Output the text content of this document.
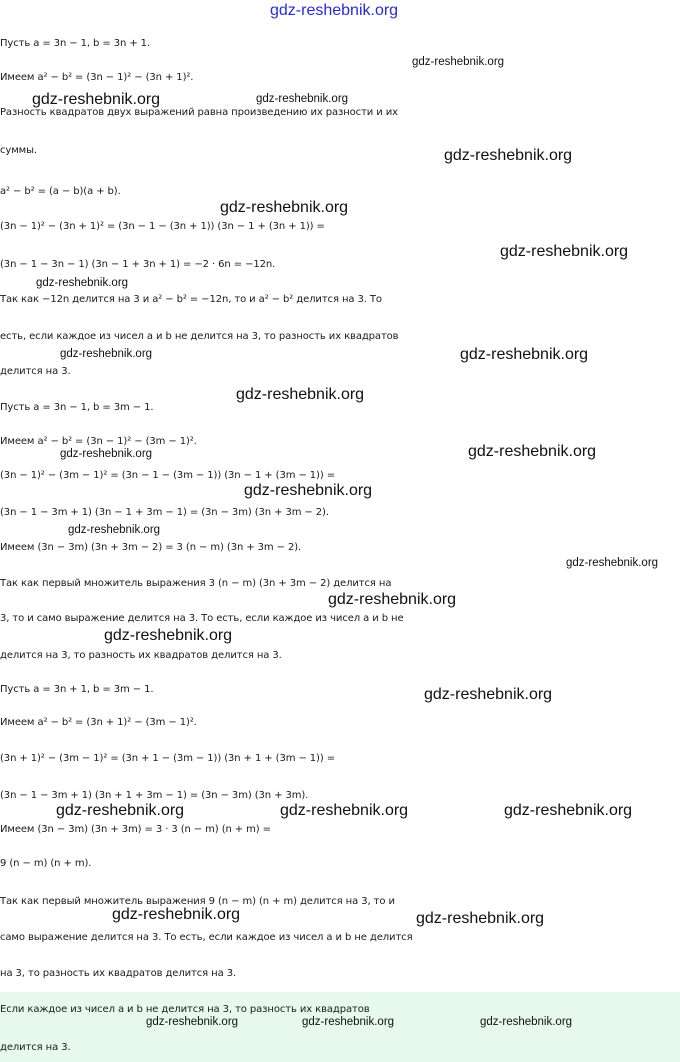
gdz-reshebnik.org
Пусть a = 3n − 1, b = 3n + 1.
Имеем a² − b² = (3n − 1)² − (3n + 1)².
Разность квадратов двух выражений равна произведению их разности и их
суммы.
a² − b² = (a − b)(a + b).
(3n − 1)² − (3n + 1)² = (3n − 1 − (3n + 1)) (3n − 1 + (3n + 1)) =
(3n − 1 − 3n − 1) (3n − 1 + 3n + 1) = −2 · 6n = −12n.
Так как −12n делится на 3 и a² − b² = −12n, то и a² − b² делится на 3. То
есть, если каждое из чисел a и b не делится на 3, то разность их квадратов
делится на 3.
Пусть a = 3n − 1, b = 3m − 1.
Имеем a² − b² = (3n − 1)² − (3m − 1)².
(3n − 1)² − (3m − 1)² = (3n − 1 − (3m − 1)) (3n − 1 + (3m − 1)) =
(3n − 1 − 3m + 1) (3n − 1 + 3m − 1) = (3n − 3m) (3n + 3m − 2).
Имеем (3n − 3m) (3n + 3m − 2) = 3 (n − m) (3n + 3m − 2).
Так как первый множитель выражения 3 (n − m) (3n + 3m − 2) делится на
3, то и само выражение делится на 3. То есть, если каждое из чисел a и b не
делится на 3, то разность их квадратов делится на 3.
Пусть a = 3n + 1, b = 3m − 1.
Имеем a² − b² = (3n + 1)² − (3m − 1)².
(3n + 1)² − (3m − 1)² = (3n + 1 − (3m − 1)) (3n + 1 + (3m − 1)) =
(3n − 1 − 3m + 1) (3n + 1 + 3m − 1) = (3n − 3m) (3n + 3m).
Имеем (3n − 3m) (3n + 3m) = 3 · 3 (n − m) (n + m) =
9 (n − m) (n + m).
Так как первый множитель выражения 9 (n − m) (n + m) делится на 3, то и
само выражение делится на 3. То есть, если каждое из чисел a и b не делится
на 3, то разность их квадратов делится на 3.
Если каждое из чисел a и b не делится на 3, то разность их квадратов
делится на 3.
gdz-reshebnik.org
gdz-reshebnik.org	gdz-reshebnik.org
gdz-reshebnik.org
gdz-reshebnik.org
gdz-reshebnik.org
gdz-reshebnik.org
gdz-reshebnik.org	gdz-reshebnik.org
gdz-reshebnik.org
gdz-reshebnik.org	gdz-reshebnik.org
gdz-reshebnik.org
gdz-reshebnik.org
gdz-reshebnik.org
gdz-reshebnik.org
gdz-reshebnik.org
gdz-reshebnik.org
gdz-reshebnik.org	gdz-reshebnik.org	gdz-reshebnik.org
gdz-reshebnik.org	gdz-reshebnik.org
gdz-reshebnik.org	gdz-reshebnik.org	gdz-reshebnik.org
